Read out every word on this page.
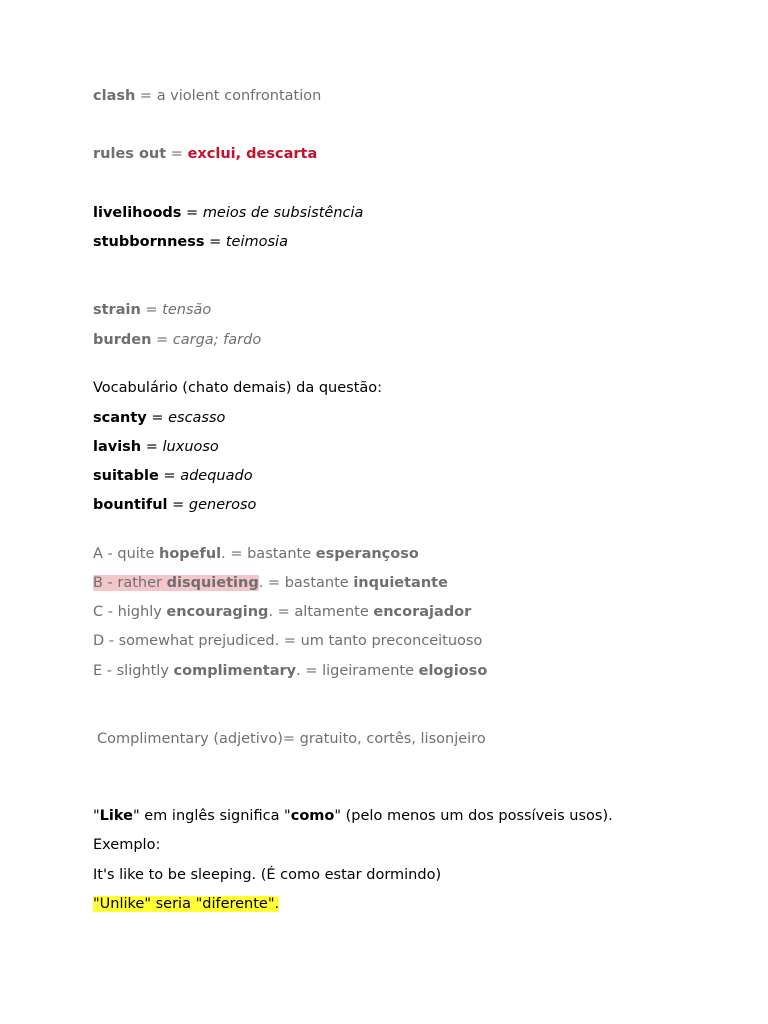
clash = a violent confrontation
rules out = exclui, descarta
livelihoods = meios de subsistência
stubbornness = teimosia
strain = tensão
burden = carga; fardo
Vocabulário (chato demais) da questão:
scanty = escasso
lavish = luxuoso
suitable = adequado
bountiful = generoso
A - quite hopeful. = bastante esperançoso
B - rather disquieting. = bastante inquietante
C - highly encouraging. = altamente encorajador
D - somewhat prejudiced. = um tanto preconceituoso
E - slightly complimentary. = ligeiramente elogioso
Complimentary (adjetivo)= gratuito, cortês, lisonjeiro
"Like" em inglês significa "como" (pelo menos um dos possíveis usos).
Exemplo:
It's like to be sleeping. (É como estar dormindo)
"Unlike" seria "diferente".
